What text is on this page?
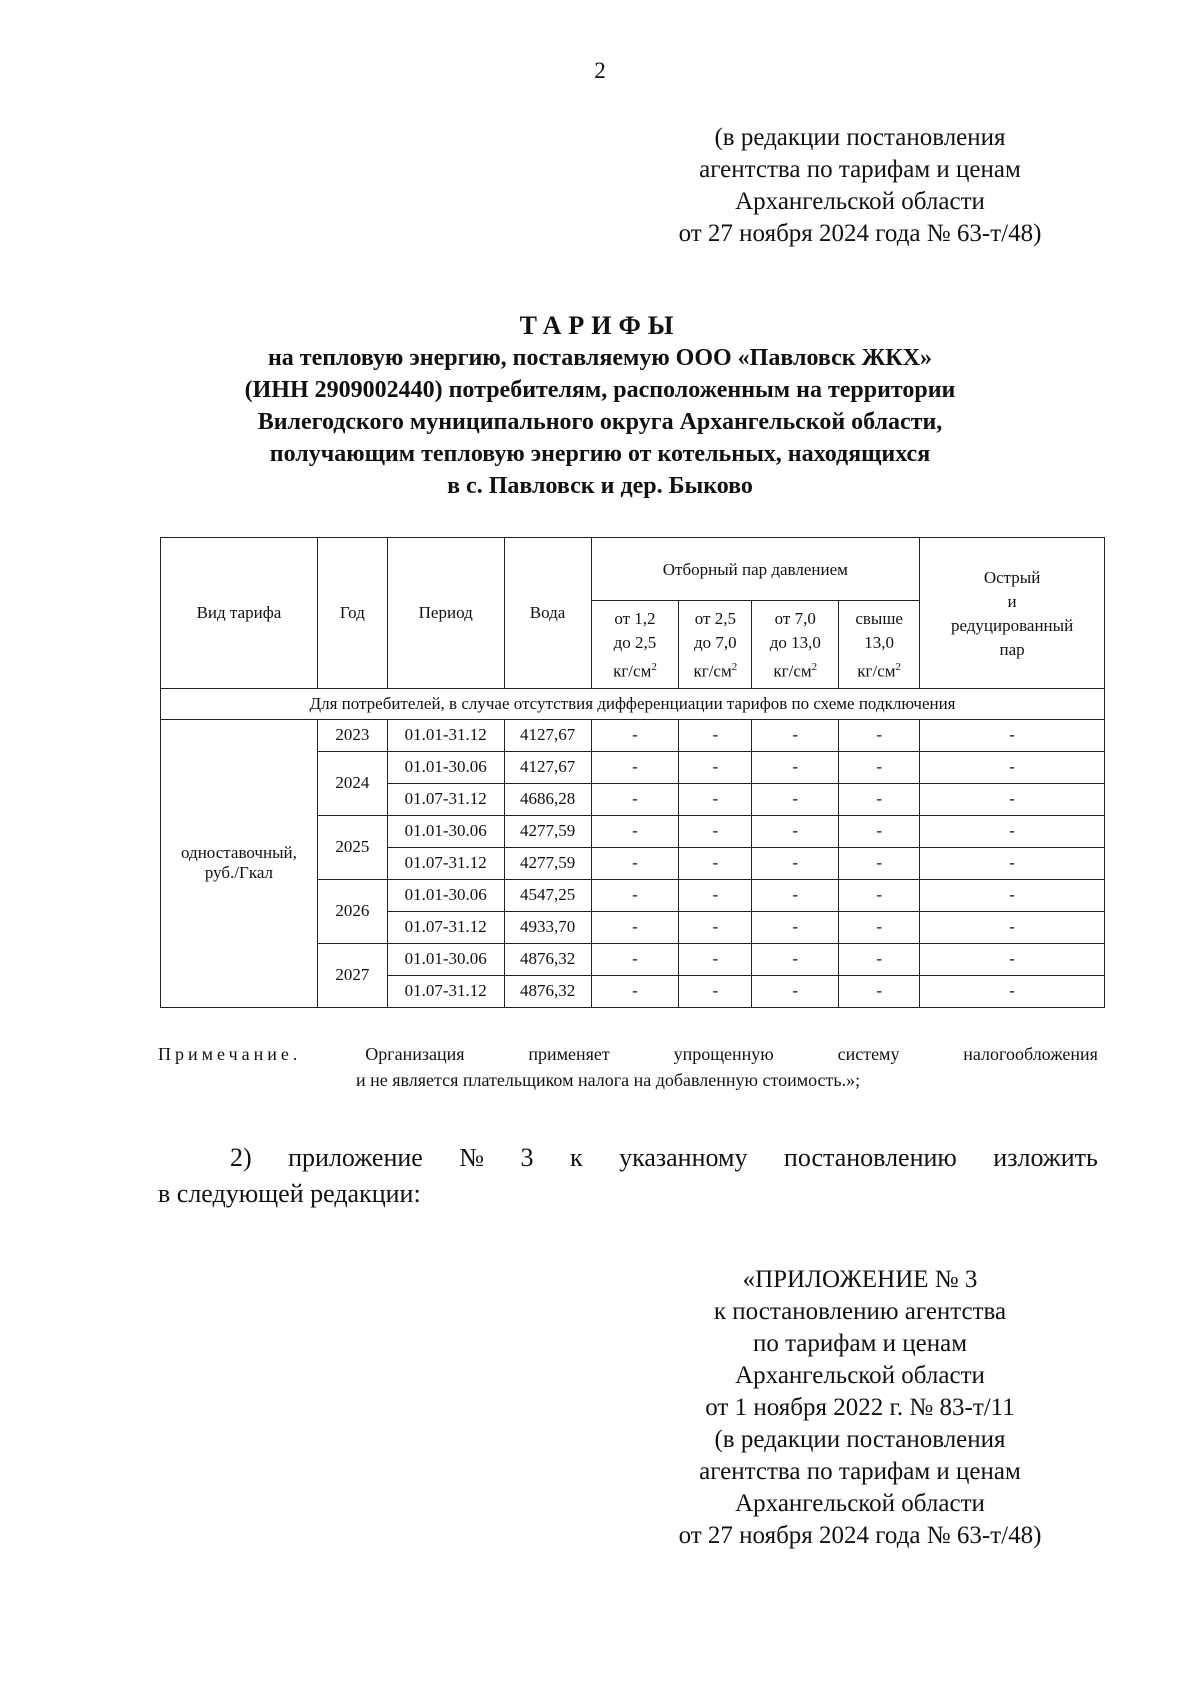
2
(в редакции постановления
агентства по тарифам и ценам
Архангельской области
от 27 ноября 2024 года № 63-т/48)
ТАРИФЫ
на тепловую энергию, поставляемую ООО «Павловск ЖКХ»
(ИНН 2909002440) потребителям, расположенным на территории
Вилегодского муниципального округа Архангельской области,
получающим тепловую энергию от котельных, находящихся
в с. Павловск и дер. Быково
Вид тарифа	Год	Период	Вода	Отборный пар давлением				Острый
и
редуцированный
пар

				от 1,2
до 2,5
$кг/см^2$	от 2,5
до 7,0
$кг/см^2$	от 7,0
до 13,0
$кг/см^2$	свыше
13,0
$кг/см^2$

Для потребителей, в случае отсутствия дифференциации тарифов по схеме подключения								
одноставочный,
руб./Гкал	2023	01.01-31.12	4127,67	-	-	-	-	-
	2024	01.01-30.06	4127,67	-	-	-	-	-
		01.07-31.12	4686,28	-	-	-	-	-
	2025	01.01-30.06	4277,59	-	-	-	-	-
		01.07-31.12	4277,59	-	-	-	-	-
	2026	01.01-30.06	4547,25	-	-	-	-	-
		01.07-31.12	4933,70	-	-	-	-	-
	2027	01.01-30.06	4876,32	-	-	-	-	-
		01.07-31.12	4876,32	-	-	-	-	-
Примечание.	Организация	применяет	упрощенную	систему	налогообложения
и не является плательщиком налога на добавленную стоимость.»;
2) приложение № 3 к указанному постановлению изложить
в следующей редакции:
«ПРИЛОЖЕНИЕ № 3
к постановлению агентства
по тарифам и ценам
Архангельской области
от 1 ноября 2022 г. № 83-т/11
(в редакции постановления
агентства по тарифам и ценам
Архангельской области
от 27 ноября 2024 года № 63-т/48)
